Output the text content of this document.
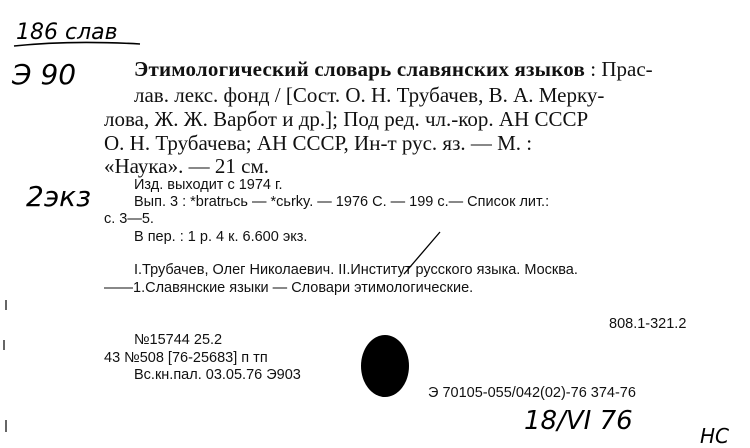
186 слав
Э 90
2экз
18/VI 76	HC
Этимологический словарь славянских языков : Прас-
лав. лекс. фонд / [Сост. О. Н. Трубачев, В. А. Мерку-
лова, Ж. Ж. Варбот и др.]; Под ред. чл.-кор. АН СССР
О. Н. Трубачева; АН СССР, Ин-т рус. яз. — М. :
«Наука». — 21 см.
Изд. выходит с 1974 г.
Вып. 3 : *bratrьсь — *cьrky. — 1976 С. — 199 с.— Список лит.:
с. 3—5.
В пер. : 1 р. 4 к. 6.600 экз.
I.Трубачев, Олег Николаевич. II.Институт русского языка. Москва.
——1.Славянские языки — Словари этимологические.
808.1-321.2
№15744 25.2
43 №508 [76-25683] п тп
Вс.кн.пал. 03.05.76 Э903
Э 70105-055/042(02)-76 374-76
